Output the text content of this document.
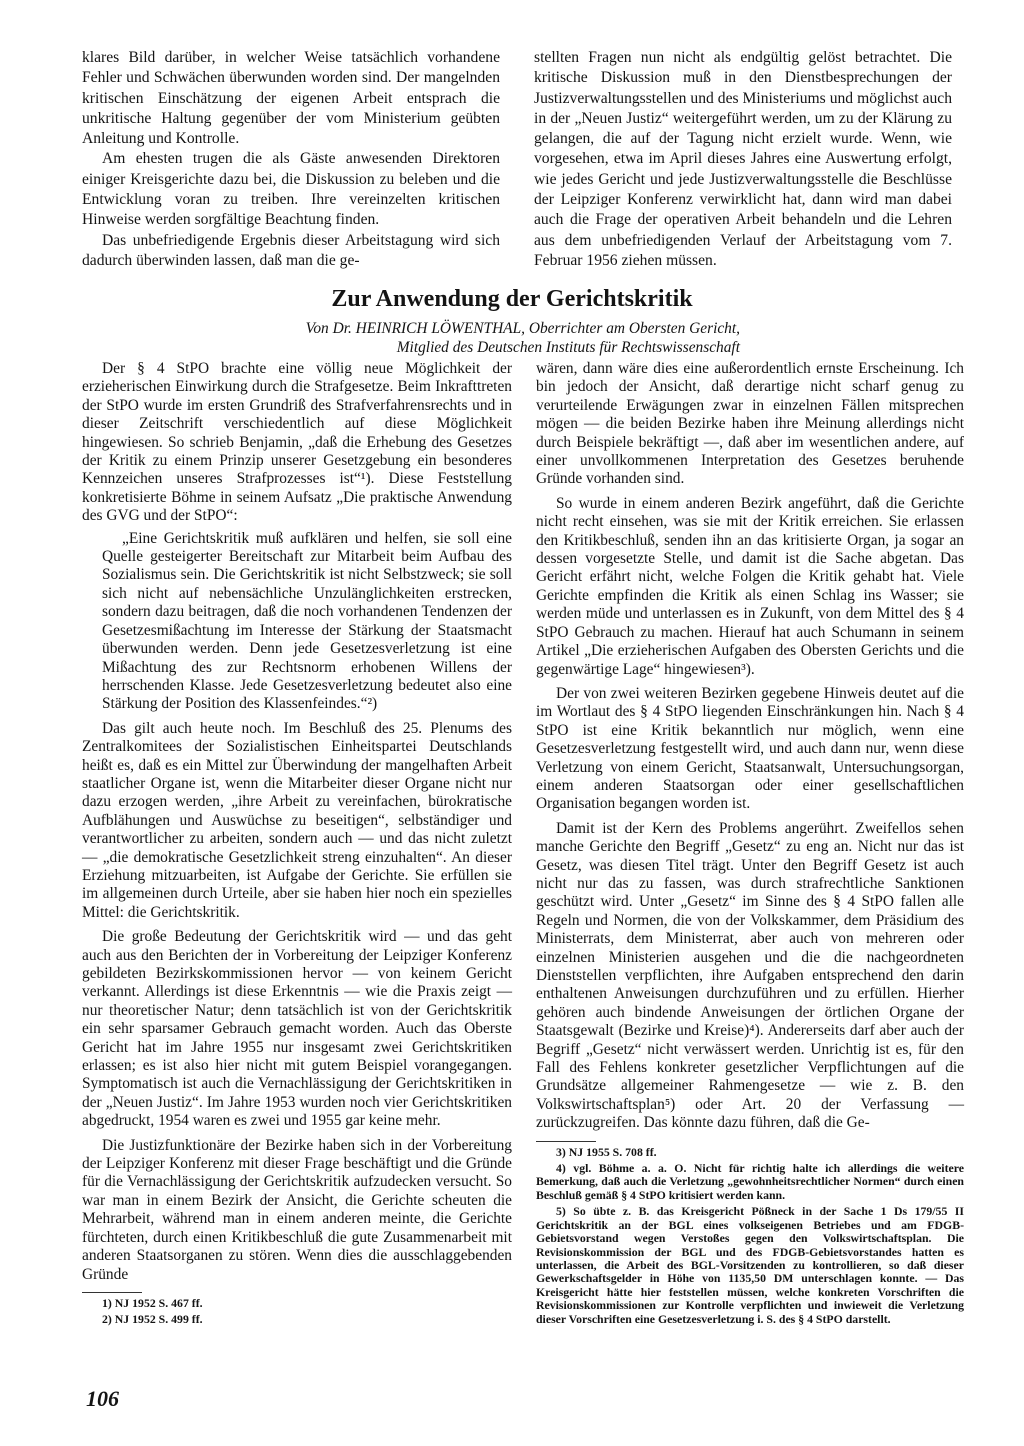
klares Bild darüber, in welcher Weise tatsächlich vorhandene Fehler und Schwächen überwunden worden sind. Der mangelnden kritischen Einschätzung der eigenen Arbeit entsprach die unkritische Haltung gegenüber der vom Ministerium geübten Anleitung und Kontrolle.

Am ehesten trugen die als Gäste anwesenden Direktoren einiger Kreisgerichte dazu bei, die Diskussion zu beleben und die Entwicklung voran zu treiben. Ihre vereinzelten kritischen Hinweise werden sorgfältige Beachtung finden.

Das unbefriedigende Ergebnis dieser Arbeitstagung wird sich dadurch überwinden lassen, daß man die ge-

stellten Fragen nun nicht als endgültig gelöst betrachtet. Die kritische Diskussion muß in den Dienstbesprechungen der Justizverwaltungsstellen und des Ministeriums und möglichst auch in der „Neuen Justiz“ weitergeführt werden, um zu der Klärung zu gelangen, die auf der Tagung nicht erzielt wurde. Wenn, wie vorgesehen, etwa im April dieses Jahres eine Auswertung erfolgt, wie jedes Gericht und jede Justizverwaltungsstelle die Beschlüsse der Leipziger Konferenz verwirklicht hat, dann wird man dabei auch die Frage der operativen Arbeit behandeln und die Lehren aus dem unbefriedigenden Verlauf der Arbeitstagung vom 7. Februar 1956 ziehen müssen.

Zur Anwendung der Gerichtskritik
Von Dr. HEINRICH LÖWENTHAL, Oberrichter am Obersten Gericht,
Mitglied des Deutschen Instituts für Rechtswissenschaft

Der § 4 StPO brachte eine völlig neue Möglichkeit der erzieherischen Einwirkung durch die Strafgesetze. Beim Inkrafttreten der StPO wurde im ersten Grundriß des Strafverfahrensrechts und in dieser Zeitschrift verschiedentlich auf diese Möglichkeit hingewiesen. So schrieb Benjamin, „daß die Erhebung des Gesetzes der Kritik zu einem Prinzip unserer Gesetzgebung ein besonderes Kennzeichen unseres Strafprozesses ist“¹). Diese Feststellung konkretisierte Böhme in seinem Aufsatz „Die praktische Anwendung des GVG und der StPO“:

„Eine Gerichtskritik muß aufklären und helfen, sie soll eine Quelle gesteigerter Bereitschaft zur Mitarbeit beim Aufbau des Sozialismus sein. Die Gerichtskritik ist nicht Selbstzweck; sie soll sich nicht auf nebensächliche Unzulänglichkeiten erstrecken, sondern dazu beitragen, daß die noch vorhandenen Tendenzen der Gesetzesmißachtung im Interesse der Stärkung der Staatsmacht überwunden werden. Denn jede Gesetzesverletzung ist eine Mißachtung des zur Rechtsnorm erhobenen Willens der herrschenden Klasse. Jede Gesetzesverletzung bedeutet also eine Stärkung der Position des Klassenfeindes.“²)

Das gilt auch heute noch. Im Beschluß des 25. Plenums des Zentralkomitees der Sozialistischen Einheitspartei Deutschlands heißt es, daß es ein Mittel zur Überwindung der mangelhaften Arbeit staatlicher Organe ist, wenn die Mitarbeiter dieser Organe nicht nur dazu erzogen werden, „ihre Arbeit zu vereinfachen, bürokratische Aufblähungen und Auswüchse zu beseitigen“, selbständiger und verantwortlicher zu arbeiten, sondern auch — und das nicht zuletzt — „die demokratische Gesetzlichkeit streng einzuhalten“. An dieser Erziehung mitzuarbeiten, ist Aufgabe der Gerichte. Sie erfüllen sie im allgemeinen durch Urteile, aber sie haben hier noch ein spezielles Mittel: die Gerichtskritik.

Die große Bedeutung der Gerichtskritik wird — und das geht auch aus den Berichten der in Vorbereitung der Leipziger Konferenz gebildeten Bezirkskommissionen hervor — von keinem Gericht verkannt. Allerdings ist diese Erkenntnis — wie die Praxis zeigt — nur theoretischer Natur; denn tatsächlich ist von der Gerichtskritik ein sehr sparsamer Gebrauch gemacht worden. Auch das Oberste Gericht hat im Jahre 1955 nur insgesamt zwei Gerichtskritiken erlassen; es ist also hier nicht mit gutem Beispiel vorangegangen. Symptomatisch ist auch die Vernachlässigung der Gerichtskritiken in der „Neuen Justiz“. Im Jahre 1953 wurden noch vier Gerichtskritiken abgedruckt, 1954 waren es zwei und 1955 gar keine mehr.

Die Justizfunktionäre der Bezirke haben sich in der Vorbereitung der Leipziger Konferenz mit dieser Frage beschäftigt und die Gründe für die Vernachlässigung der Gerichtskritik aufzudecken versucht. So war man in einem Bezirk der Ansicht, die Gerichte scheuten die Mehrarbeit, während man in einem anderen meinte, die Gerichte fürchteten, durch einen Kritikbeschluß die gute Zusammenarbeit mit anderen Staatsorganen zu stören. Wenn dies die ausschlaggebenden Gründe

1) NJ 1952 S. 467 ff.

2) NJ 1952 S. 499 ff.

wären, dann wäre dies eine außerordentlich ernste Erscheinung. Ich bin jedoch der Ansicht, daß derartige nicht scharf genug zu verurteilende Erwägungen zwar in einzelnen Fällen mitsprechen mögen — die beiden Bezirke haben ihre Meinung allerdings nicht durch Beispiele bekräftigt —, daß aber im wesentlichen andere, auf einer unvollkommenen Interpretation des Gesetzes beruhende Gründe vorhanden sind.

So wurde in einem anderen Bezirk angeführt, daß die Gerichte nicht recht einsehen, was sie mit der Kritik erreichen. Sie erlassen den Kritikbeschluß, senden ihn an das kritisierte Organ, ja sogar an dessen vorgesetzte Stelle, und damit ist die Sache abgetan. Das Gericht erfährt nicht, welche Folgen die Kritik gehabt hat. Viele Gerichte empfinden die Kritik als einen Schlag ins Wasser; sie werden müde und unterlassen es in Zukunft, von dem Mittel des § 4 StPO Gebrauch zu machen. Hierauf hat auch Schumann in seinem Artikel „Die erzieherischen Aufgaben des Obersten Gerichts und die gegenwärtige Lage“ hingewiesen³).

Der von zwei weiteren Bezirken gegebene Hinweis deutet auf die im Wortlaut des § 4 StPO liegenden Einschränkungen hin. Nach § 4 StPO ist eine Kritik bekanntlich nur möglich, wenn eine Gesetzesverletzung festgestellt wird, und auch dann nur, wenn diese Verletzung von einem Gericht, Staatsanwalt, Untersuchungsorgan, einem anderen Staatsorgan oder einer gesellschaftlichen Organisation begangen worden ist.

Damit ist der Kern des Problems angerührt. Zweifellos sehen manche Gerichte den Begriff „Gesetz“ zu eng an. Nicht nur das ist Gesetz, was diesen Titel trägt. Unter den Begriff Gesetz ist auch nicht nur das zu fassen, was durch strafrechtliche Sanktionen geschützt wird. Unter „Gesetz“ im Sinne des § 4 StPO fallen alle Regeln und Normen, die von der Volkskammer, dem Präsidium des Ministerrats, dem Ministerrat, aber auch von mehreren oder einzelnen Ministerien ausgehen und die die nachgeordneten Dienststellen verpflichten, ihre Aufgaben entsprechend den darin enthaltenen Anweisungen durchzuführen und zu erfüllen. Hierher gehören auch bindende Anweisungen der örtlichen Organe der Staatsgewalt (Bezirke und Kreise)⁴). Andererseits darf aber auch der Begriff „Gesetz“ nicht verwässert werden. Unrichtig ist es, für den Fall des Fehlens konkreter gesetzlicher Verpflichtungen auf die Grundsätze allgemeiner Rahmengesetze — wie z. B. den Volkswirtschaftsplan⁵) oder Art. 20 der Verfassung — zurückzugreifen. Das könnte dazu führen, daß die Ge-

3) NJ 1955 S. 708 ff.

4) vgl. Böhme a. a. O. Nicht für richtig halte ich allerdings die weitere Bemerkung, daß auch die Verletzung „gewohnheitsrechtlicher Normen“ durch einen Beschluß gemäß § 4 StPO kritisiert werden kann.

5) So übte z. B. das Kreisgericht Pößneck in der Sache 1 Ds 179/55 II Gerichtskritik an der BGL eines volkseigenen Betriebes und am FDGB-Gebietsvorstand wegen Verstoßes gegen den Volkswirtschaftsplan. Die Revisionskommission der BGL und des FDGB-Gebietsvorstandes hatten es unterlassen, die Arbeit des BGL-Vorsitzenden zu kontrollieren, so daß dieser Gewerkschaftsgelder in Höhe von 1135,50 DM unterschlagen konnte. — Das Kreisgericht hätte hier feststellen müssen, welche konkreten Vorschriften die Revisionskommissionen zur Kontrolle verpflichten und inwieweit die Verletzung dieser Vorschriften eine Gesetzesverletzung i. S. des § 4 StPO darstellt.

106
